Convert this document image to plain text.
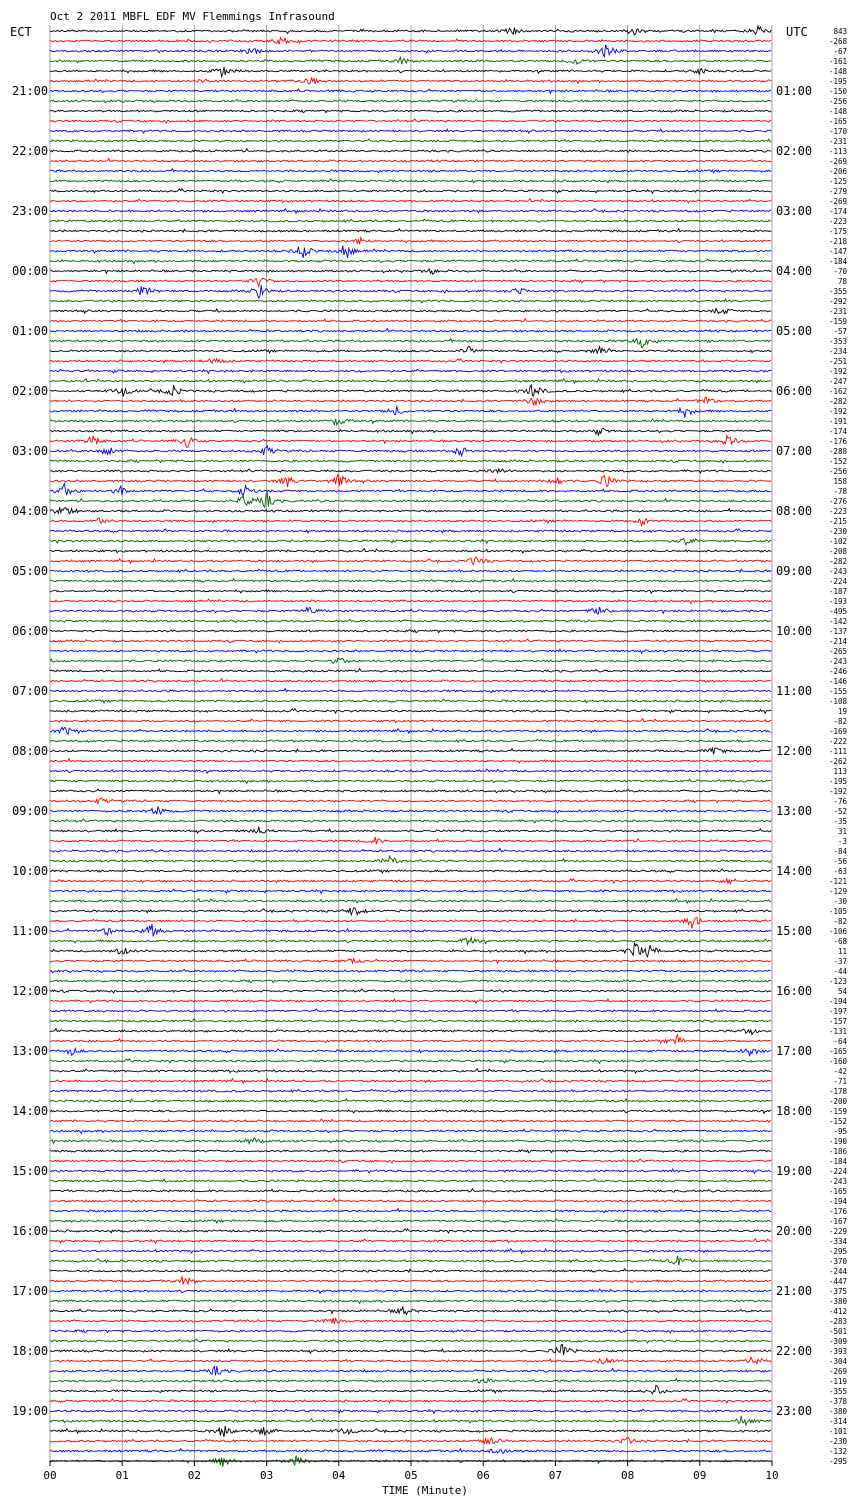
Oct 2 2011 MBFL EDF MV Flemmings Infrasound
ECT	UTC
21:00
22:00
23:00
00:00
01:00
02:00
03:00
04:00
05:00
06:00
07:00
08:00
09:00
10:00
11:00
12:00
13:00
14:00
15:00
16:00
17:00
18:00
19:00
01:00
02:00
03:00
04:00
05:00
06:00
07:00
08:00
09:00
10:00
11:00
12:00
13:00
14:00
15:00
16:00
17:00
18:00
19:00
20:00
21:00
22:00
23:00
843
-268
-67
-161
-148
-195
-150
-256
-148
-165
-170
-231
-113
-269
-206
-125
-279
-269
-174
-223
-175
-218
-147
-184
-70
78
-355
-292
-231
-159
-57
-353
-234
-251
-192
-247
-162
-282
-192
-191
-174
-176
-288
-152
-256
158
-78
-276
-223
-215
-230
-102
-208
-282
-243
-224
-187
-193
-495
-142
-137
-214
-265
-243
-246
-146
-155
-108
19
-82
-169
-222
-111
-262
113
-195
-192
-76
-52
-35
31
-3
-84
-56
-63
-121
-129
-30
-105
-82
-106
-68
11
-37
-44
-123
54
-194
-197
-157
-131
-64
-165
-160
-42
-71
-178
-200
-159
-152
-95
-190
-186
-184
-224
-243
-165
-194
-176
-167
-229
-334
-295
-370
-244
-447
-375
-380
-412
-283
-501
-309
-393
-304
-269
-119
-355
-378
-380
-314
-101
-230
-132
-295
00	01	02	03	04	05	06	07	08	09	10
TIME (Minute)
